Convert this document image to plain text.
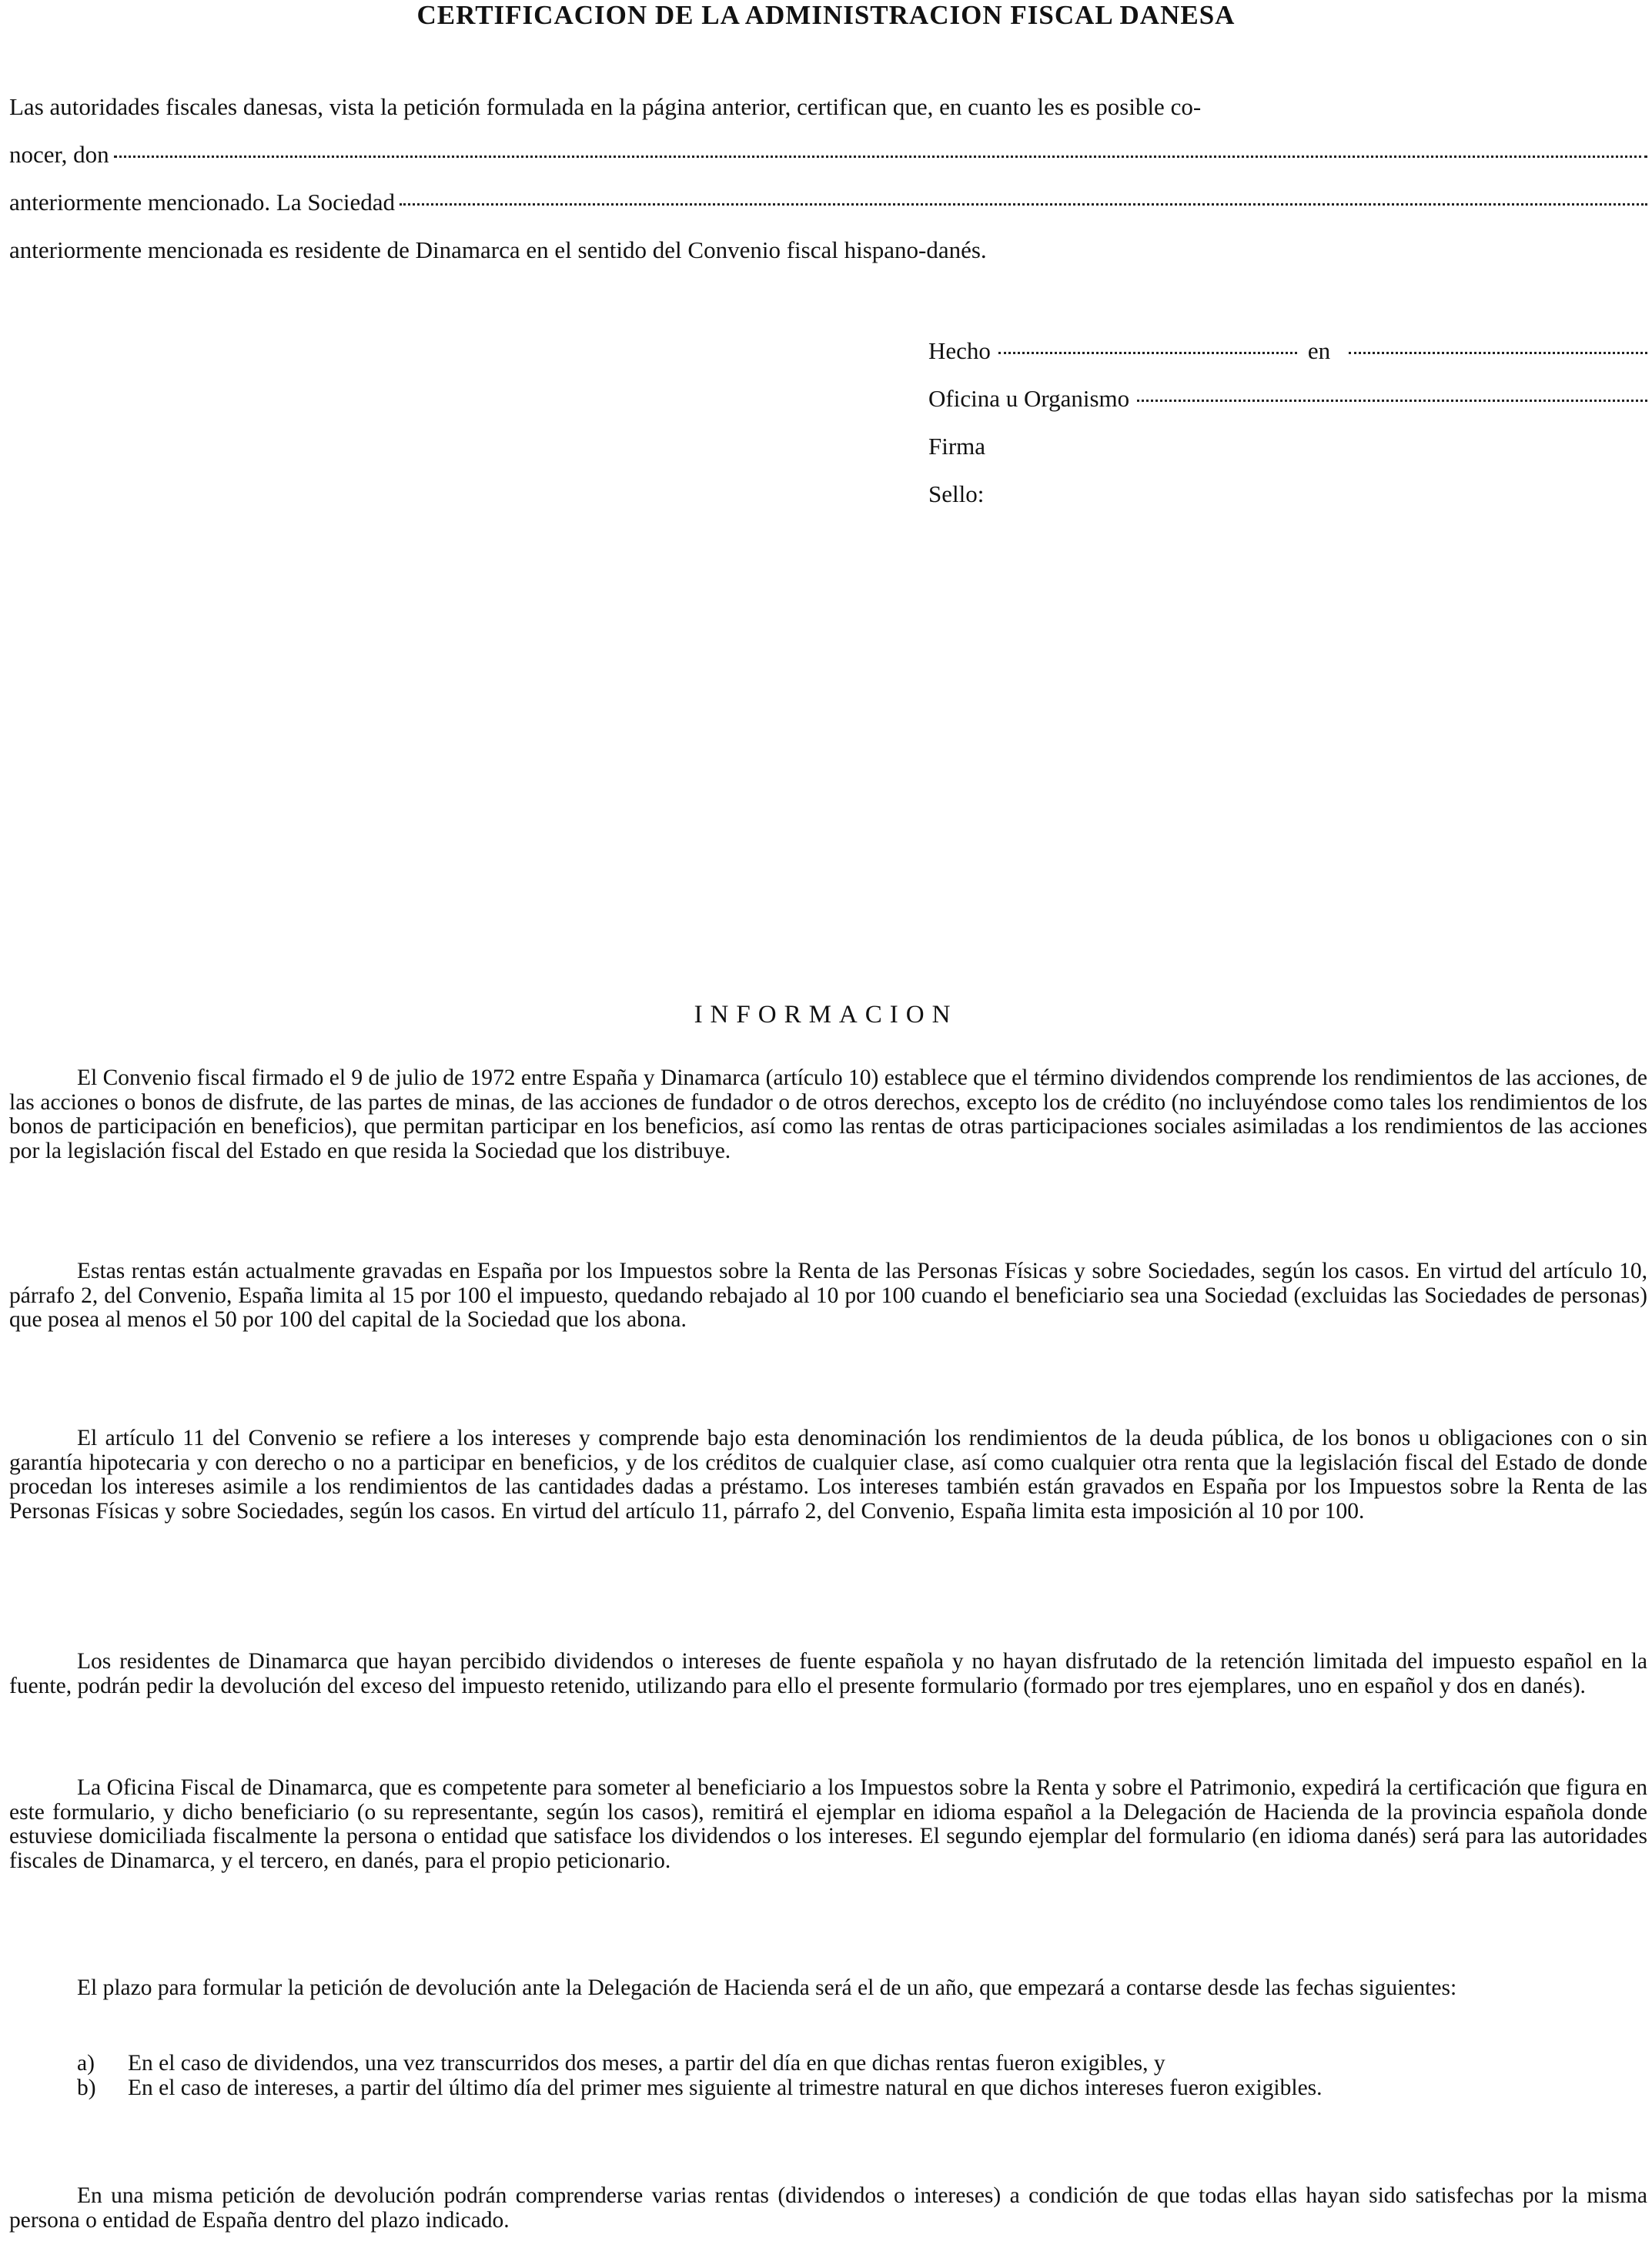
CERTIFICACION DE LA ADMINISTRACION FISCAL DANESA
Las autoridades fiscales danesas, vista la petición formulada en la página anterior, certifican que, en cuanto les es posible co-
nocer, don
anteriormente mencionado. La Sociedad
anteriormente mencionada es residente de Dinamarca en el sentido del Convenio fiscal hispano-danés.
Hecho	en
Oficina u Organismo
Firma
Sello:
INFORMACION

El Convenio fiscal firmado el 9 de julio de 1972 entre España y Dinamarca (artículo 10) establece que el término dividendos comprende los rendimientos de las acciones, de las acciones o bonos de disfrute, de las partes de minas, de las acciones de fundador o de otros derechos, excepto los de crédito (no incluyéndose como tales los rendimientos de los bonos de participación en beneficios), que permitan participar en los beneficios, así como las rentas de otras participaciones sociales asimiladas a los rendimientos de las acciones por la legislación fiscal del Estado en que resida la Sociedad que los distribuye.

Estas rentas están actualmente gravadas en España por los Impuestos sobre la Renta de las Personas Físicas y sobre Sociedades, según los casos. En virtud del artículo 10, párrafo 2, del Convenio, España limita al 15 por 100 el impuesto, quedando rebajado al 10 por 100 cuando el beneficiario sea una Sociedad (excluidas las Sociedades de personas) que posea al menos el 50 por 100 del capital de la Sociedad que los abona.

El artículo 11 del Convenio se refiere a los intereses y comprende bajo esta denominación los rendimientos de la deuda pública, de los bonos u obligaciones con o sin garantía hipotecaria y con derecho o no a participar en beneficios, y de los créditos de cualquier clase, así como cualquier otra renta que la legislación fiscal del Estado de donde procedan los intereses asimile a los rendimientos de las cantidades dadas a préstamo. Los intereses también están gravados en España por los Impuestos sobre la Renta de las Personas Físicas y sobre Sociedades, según los casos. En virtud del artículo 11, párrafo 2, del Convenio, España limita esta imposición al 10 por 100.

Los residentes de Dinamarca que hayan percibido dividendos o intereses de fuente española y no hayan disfrutado de la retención limitada del impuesto español en la fuente, podrán pedir la devolución del exceso del impuesto retenido, utilizando para ello el presente formulario (formado por tres ejemplares, uno en español y dos en danés).

La Oficina Fiscal de Dinamarca, que es competente para someter al beneficiario a los Impuestos sobre la Renta y sobre el Patrimonio, expedirá la certificación que figura en este formulario, y dicho beneficiario (o su representante, según los casos), remitirá el ejemplar en idioma español a la Delegación de Hacienda de la provincia española donde estuviese domiciliada fiscalmente la persona o entidad que satisface los dividendos o los intereses. El segundo ejemplar del formulario (en idioma danés) será para las autoridades fiscales de Dinamarca, y el tercero, en danés, para el propio peticionario.

El plazo para formular la petición de devolución ante la Delegación de Hacienda será el de un año, que empezará a contarse desde las fechas siguientes:

a) En el caso de dividendos, una vez transcurridos dos meses, a partir del día en que dichas rentas fueron exigibles, y
b) En el caso de intereses, a partir del último día del primer mes siguiente al trimestre natural en que dichos intereses fueron exigibles.

En una misma petición de devolución podrán comprenderse varias rentas (dividendos o intereses) a condición de que todas ellas hayan sido satisfechas por la misma persona o entidad de España dentro del plazo indicado.
